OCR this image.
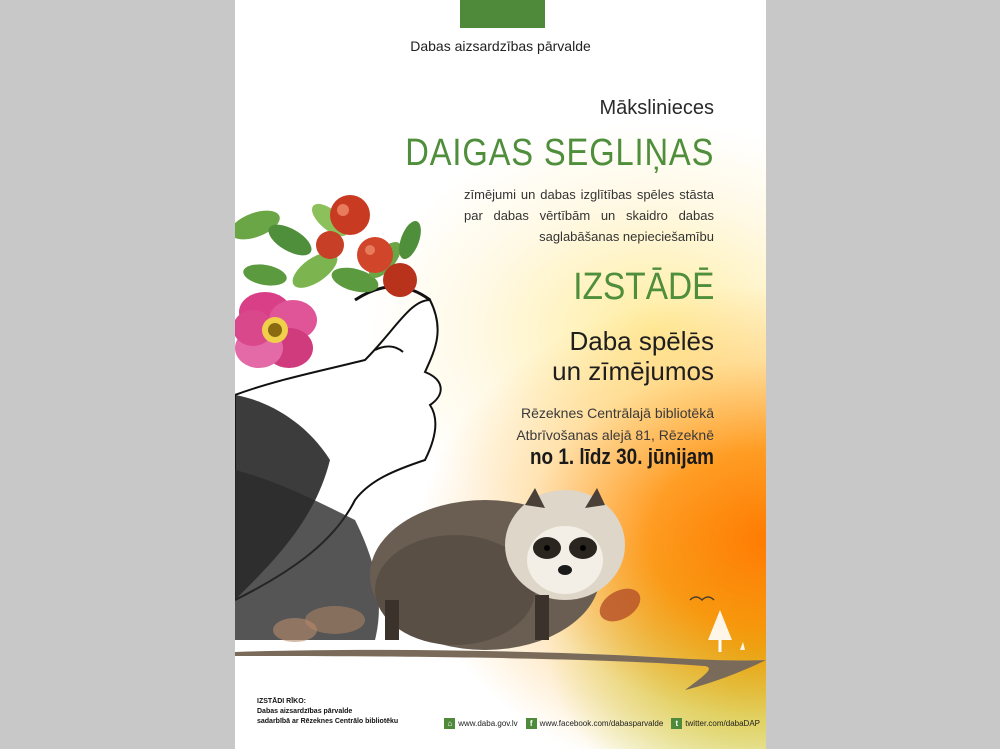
Dabas aizsardzības pārvalde
Mākslinieces
DAIGAS SEGLIŅAS
zīmējumi un dabas izglītības spēles stāsta par dabas vērtībām un skaidro dabas saglabāšanas nepieciešamību
IZSTĀDĒ
Daba spēlēs
un zīmējumos
Rēzeknes Centrālajā bibliotēkā
Atbrīvošanas alejā 81, Rēzeknē
no 1. līdz 30. jūnijam
IZSTĀDI RĪKO:
Dabas aizsardzības pārvalde
sadarbībā ar Rēzeknes Centrālo bibliotēku	⌂ www.daba.gov.lv	f www.facebook.com/dabasparvalde	t twitter.com/dabaDAP
